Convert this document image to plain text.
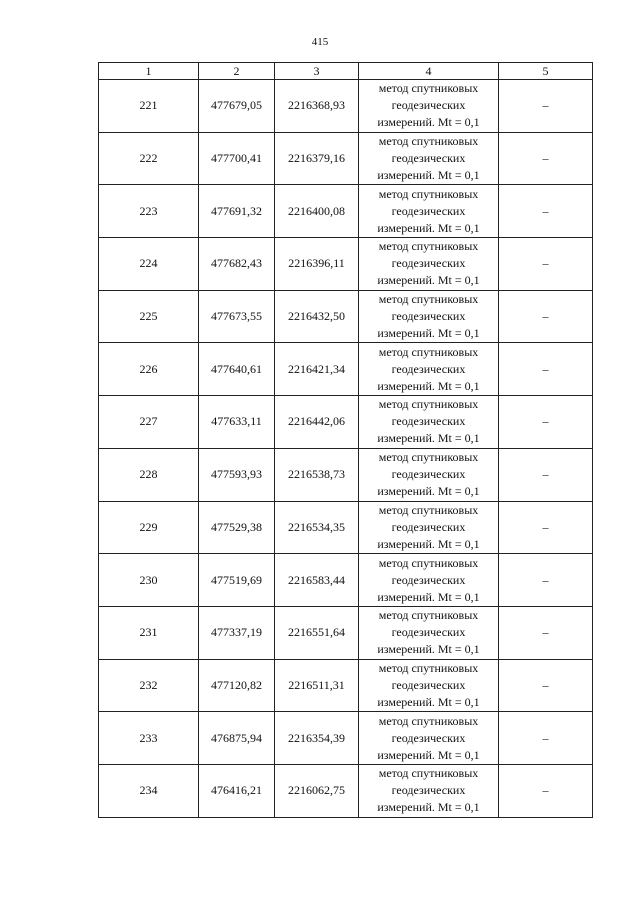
415
1	2	3	4	5
221	477679,05	2216368,93	метод спутниковых
геодезических
измерений. Mt = 0,1	–
222	477700,41	2216379,16	метод спутниковых
геодезических
измерений. Mt = 0,1	–
223	477691,32	2216400,08	метод спутниковых
геодезических
измерений. Mt = 0,1	–
224	477682,43	2216396,11	метод спутниковых
геодезических
измерений. Mt = 0,1	–
225	477673,55	2216432,50	метод спутниковых
геодезических
измерений. Mt = 0,1	–
226	477640,61	2216421,34	метод спутниковых
геодезических
измерений. Mt = 0,1	–
227	477633,11	2216442,06	метод спутниковых
геодезических
измерений. Mt = 0,1	–
228	477593,93	2216538,73	метод спутниковых
геодезических
измерений. Mt = 0,1	–
229	477529,38	2216534,35	метод спутниковых
геодезических
измерений. Mt = 0,1	–
230	477519,69	2216583,44	метод спутниковых
геодезических
измерений. Mt = 0,1	–
231	477337,19	2216551,64	метод спутниковых
геодезических
измерений. Mt = 0,1	–
232	477120,82	2216511,31	метод спутниковых
геодезических
измерений. Mt = 0,1	–
233	476875,94	2216354,39	метод спутниковых
геодезических
измерений. Mt = 0,1	–
234	476416,21	2216062,75	метод спутниковых
геодезических
измерений. Mt = 0,1	–
